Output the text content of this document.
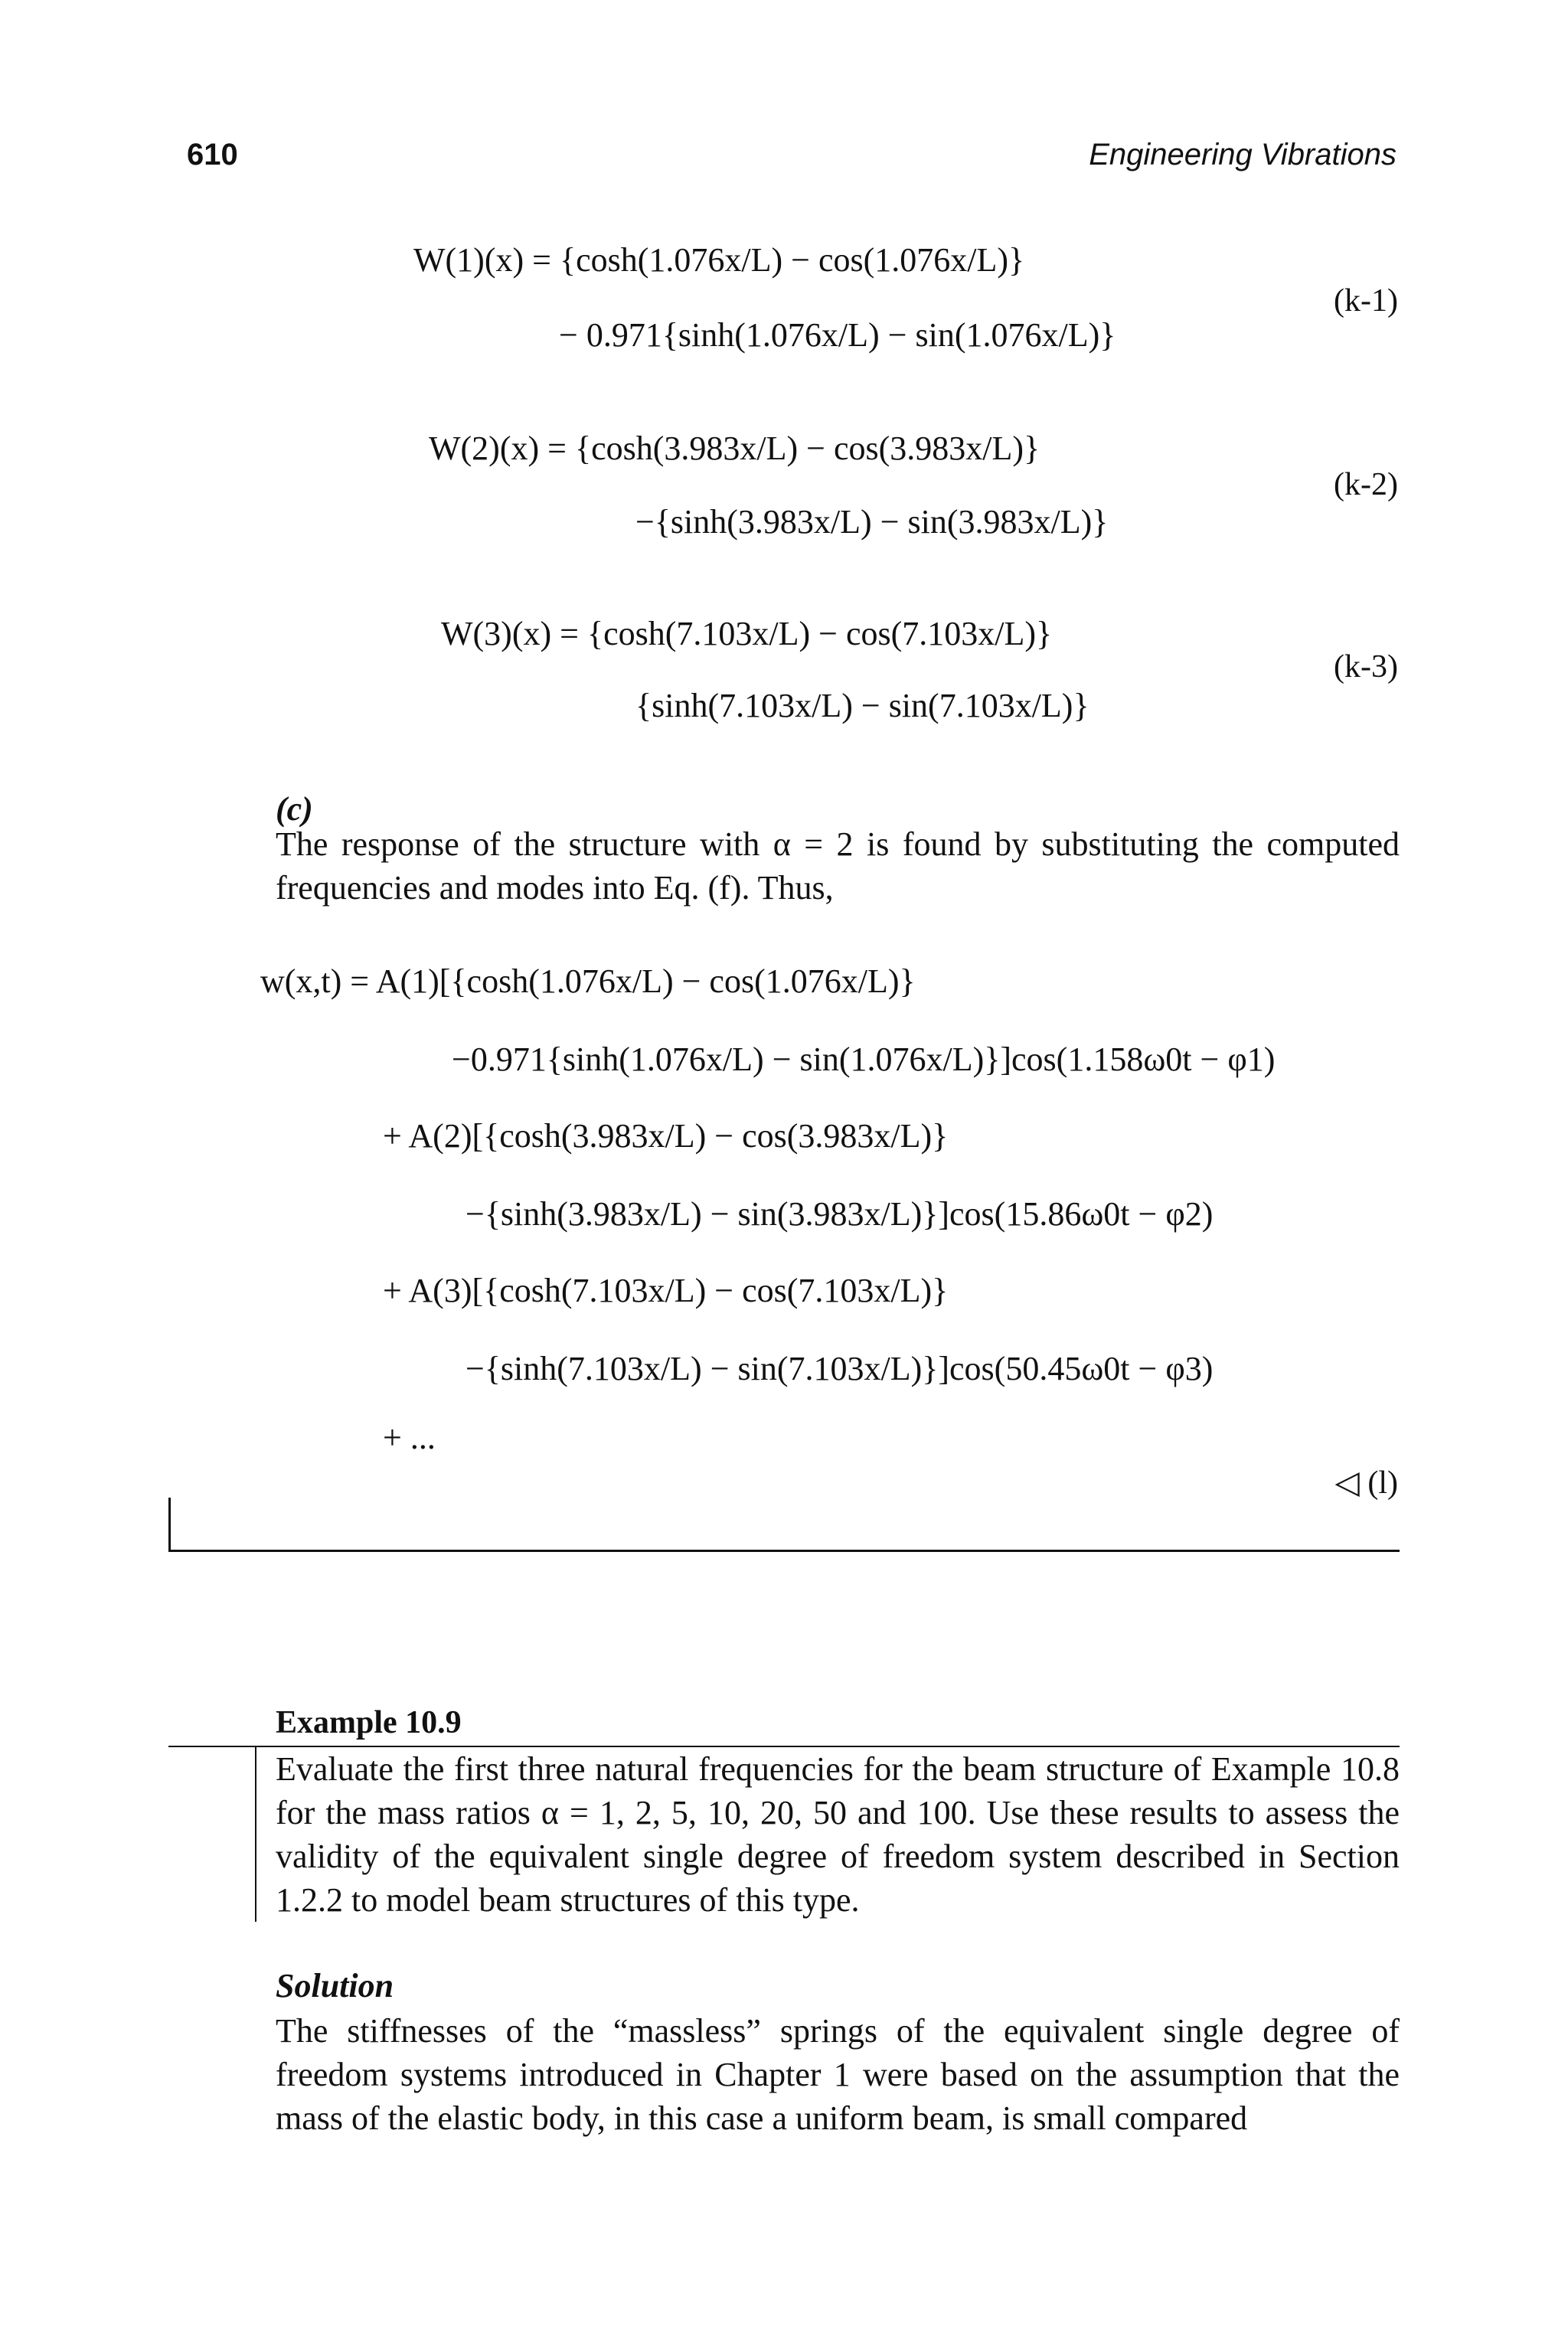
610	Engineering Vibrations
W(1)(x) = {cosh(1.076x/L) − cos(1.076x/L)}
− 0.971{sinh(1.076x/L) − sin(1.076x/L)}
(k-1)
W(2)(x) = {cosh(3.983x/L) − cos(3.983x/L)}
−{sinh(3.983x/L) − sin(3.983x/L)}
(k-2)
W(3)(x) = {cosh(7.103x/L) − cos(7.103x/L)}
{sinh(7.103x/L) − sin(7.103x/L)}
(k-3)
(c)
The response of the structure with α = 2 is found by substituting the computed frequencies and modes into Eq. (f). Thus,
w(x,t) = A(1)[{cosh(1.076x/L) − cos(1.076x/L)}
−0.971{sinh(1.076x/L) − sin(1.076x/L)}]cos(1.158ω0t − φ1)
+ A(2)[{cosh(3.983x/L) − cos(3.983x/L)}
−{sinh(3.983x/L) − sin(3.983x/L)}]cos(15.86ω0t − φ2)
+ A(3)[{cosh(7.103x/L) − cos(7.103x/L)}
−{sinh(7.103x/L) − sin(7.103x/L)}]cos(50.45ω0t − φ3)
+ ...
◁ (l)
Example 10.9
Evaluate the first three natural frequencies for the beam structure of Example 10.8 for the mass ratios α = 1, 2, 5, 10, 20, 50 and 100. Use these results to assess the validity of the equivalent single degree of freedom system described in Section 1.2.2 to model beam structures of this type.
Solution
The stiffnesses of the “massless” springs of the equivalent single degree of freedom systems introduced in Chapter 1 were based on the assumption that the mass of the elastic body, in this case a uniform beam, is small compared
